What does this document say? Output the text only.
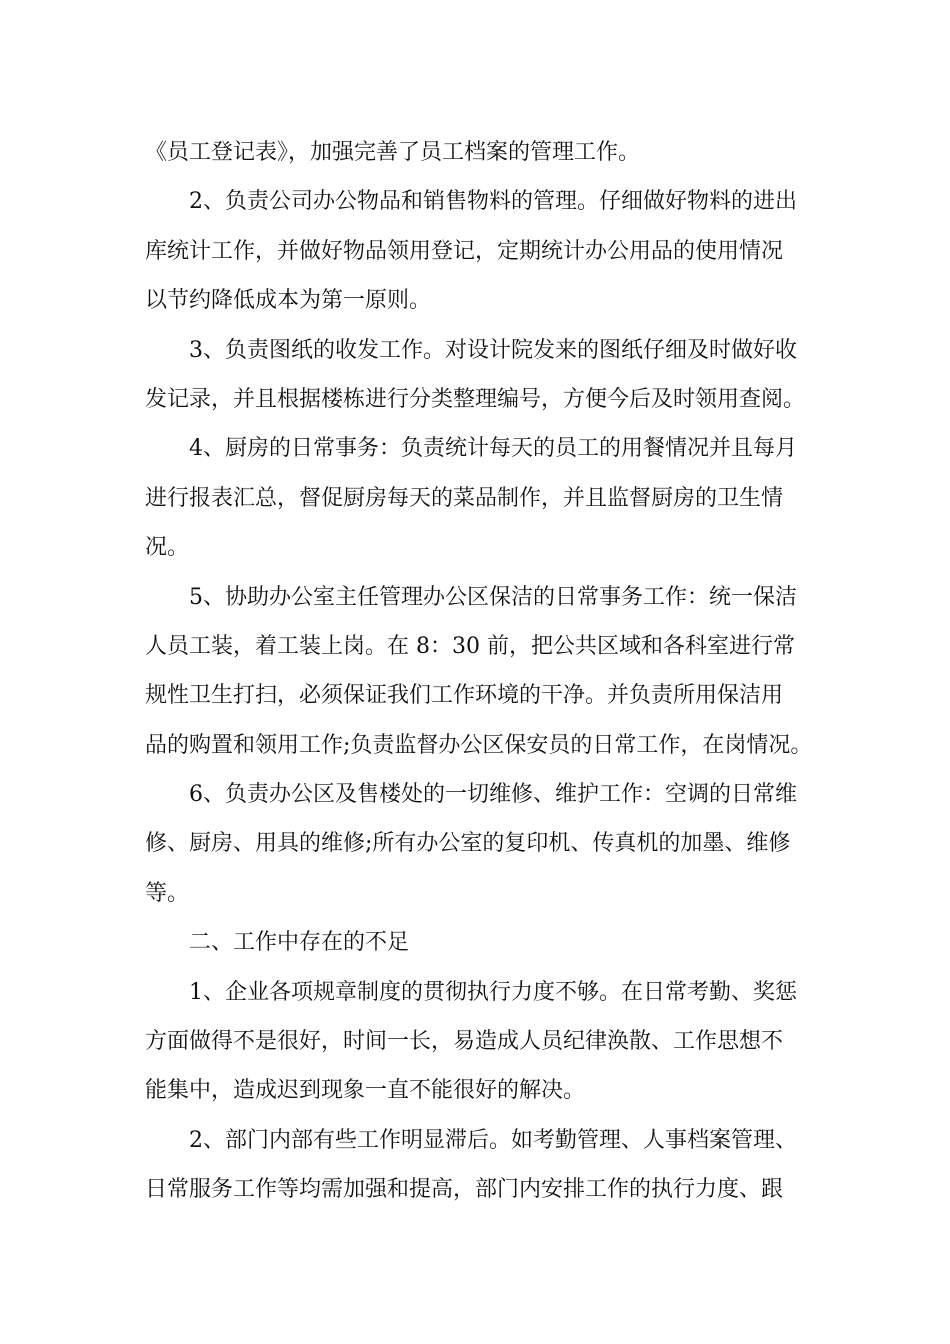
《员工登记表》，加强完善了员工档案的管理工作。
2、负责公司办公物品和销售物料的管理。仔细做好物料的进出
库统计工作，并做好物品领用登记，定期统计办公用品的使用情况
以节约降低成本为第一原则。
3、负责图纸的收发工作。对设计院发来的图纸仔细及时做好收
发记录，并且根据楼栋进行分类整理编号，方便今后及时领用查阅。
4、厨房的日常事务：负责统计每天的员工的用餐情况并且每月
进行报表汇总，督促厨房每天的菜品制作，并且监督厨房的卫生情
况。
5、协助办公室主任管理办公区保洁的日常事务工作：统一保洁
人员工装，着工装上岗。在 8：30 前，把公共区域和各科室进行常
规性卫生打扫，必须保证我们工作环境的干净。并负责所用保洁用
品的购置和领用工作;负责监督办公区保安员的日常工作，在岗情况。
6、负责办公区及售楼处的一切维修、维护工作：空调的日常维
修、厨房、用具的维修;所有办公室的复印机、传真机的加墨、维修
等。
二、工作中存在的不足
1、企业各项规章制度的贯彻执行力度不够。在日常考勤、奖惩
方面做得不是很好，时间一长，易造成人员纪律涣散、工作思想不
能集中，造成迟到现象一直不能很好的解决。
2、部门内部有些工作明显滞后。如考勤管理、人事档案管理、
日常服务工作等均需加强和提高，部门内安排工作的执行力度、跟
